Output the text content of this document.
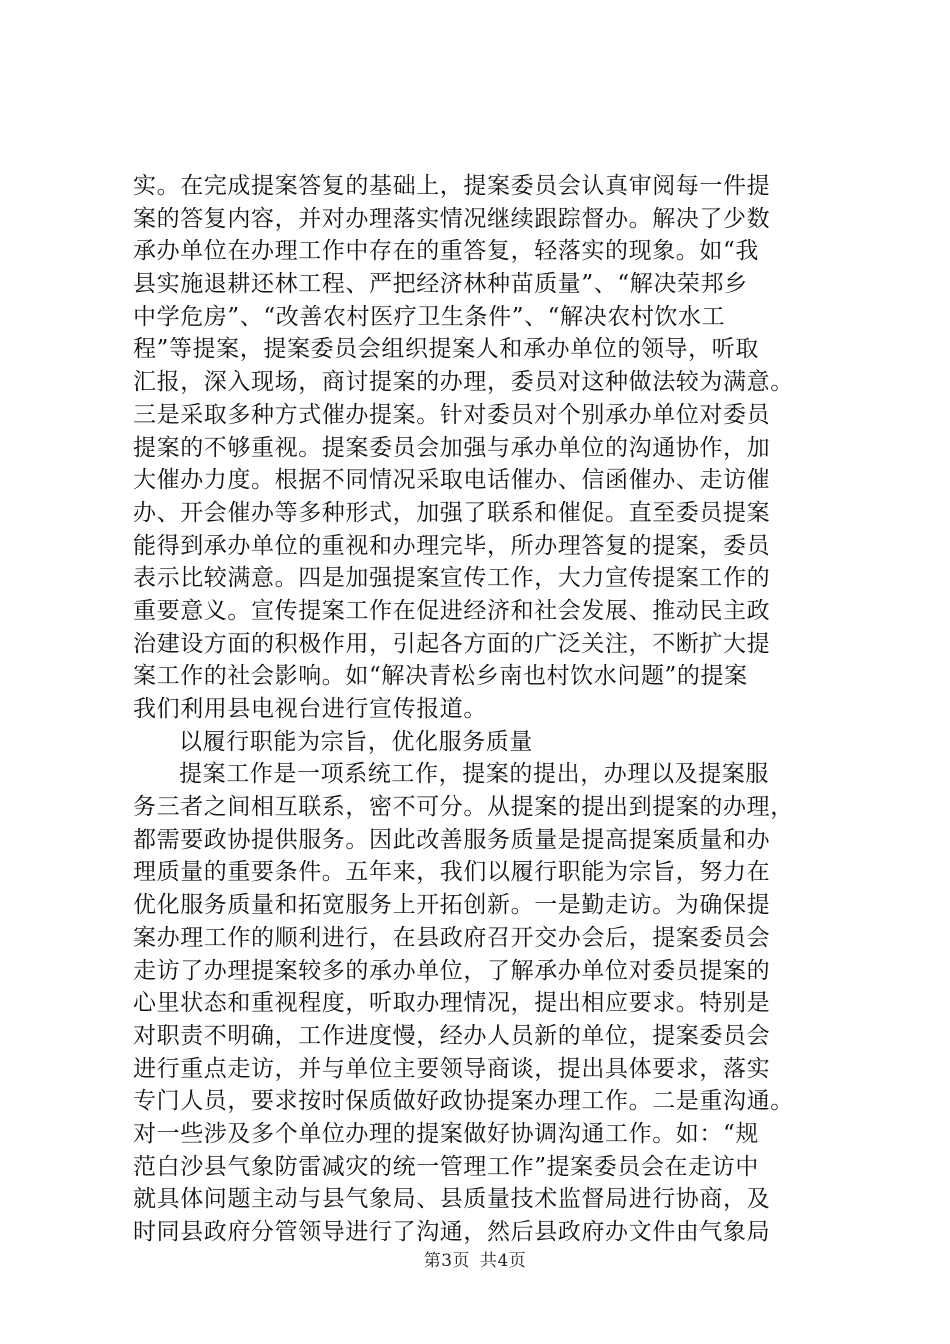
实。在完成提案答复的基础上，提案委员会认真审阅每一件提
案的答复内容，并对办理落实情况继续跟踪督办。解决了少数
承办单位在办理工作中存在的重答复，轻落实的现象。如“我
县实施退耕还林工程、严把经济林种苗质量”、“解决荣邦乡
中学危房”、“改善农村医疗卫生条件”、“解决农村饮水工
程”等提案，提案委员会组织提案人和承办单位的领导，听取
汇报，深入现场，商讨提案的办理，委员对这种做法较为满意。
三是采取多种方式催办提案。针对委员对个别承办单位对委员
提案的不够重视。提案委员会加强与承办单位的沟通协作，加
大催办力度。根据不同情况采取电话催办、信函催办、走访催
办、开会催办等多种形式，加强了联系和催促。直至委员提案
能得到承办单位的重视和办理完毕，所办理答复的提案，委员
表示比较满意。四是加强提案宣传工作，大力宣传提案工作的
重要意义。宣传提案工作在促进经济和社会发展、推动民主政
治建设方面的积极作用，引起各方面的广泛关注，不断扩大提
案工作的社会影响。如“解决青松乡南也村饮水问题”的提案
我们利用县电视台进行宣传报道。
以履行职能为宗旨，优化服务质量
提案工作是一项系统工作，提案的提出，办理以及提案服
务三者之间相互联系，密不可分。从提案的提出到提案的办理，
都需要政协提供服务。因此改善服务质量是提高提案质量和办
理质量的重要条件。五年来，我们以履行职能为宗旨，努力在
优化服务质量和拓宽服务上开拓创新。一是勤走访。为确保提
案办理工作的顺利进行，在县政府召开交办会后，提案委员会
走访了办理提案较多的承办单位，了解承办单位对委员提案的
心里状态和重视程度，听取办理情况，提出相应要求。特别是
对职责不明确，工作进度慢，经办人员新的单位，提案委员会
进行重点走访，并与单位主要领导商谈，提出具体要求，落实
专门人员，要求按时保质做好政协提案办理工作。二是重沟通。
对一些涉及多个单位办理的提案做好协调沟通工作。如：“规
范白沙县气象防雷减灾的统一管理工作”提案委员会在走访中
就具体问题主动与县气象局、县质量技术监督局进行协商，及
时同县政府分管领导进行了沟通，然后县政府办文件由气象局
第3页 共4页
